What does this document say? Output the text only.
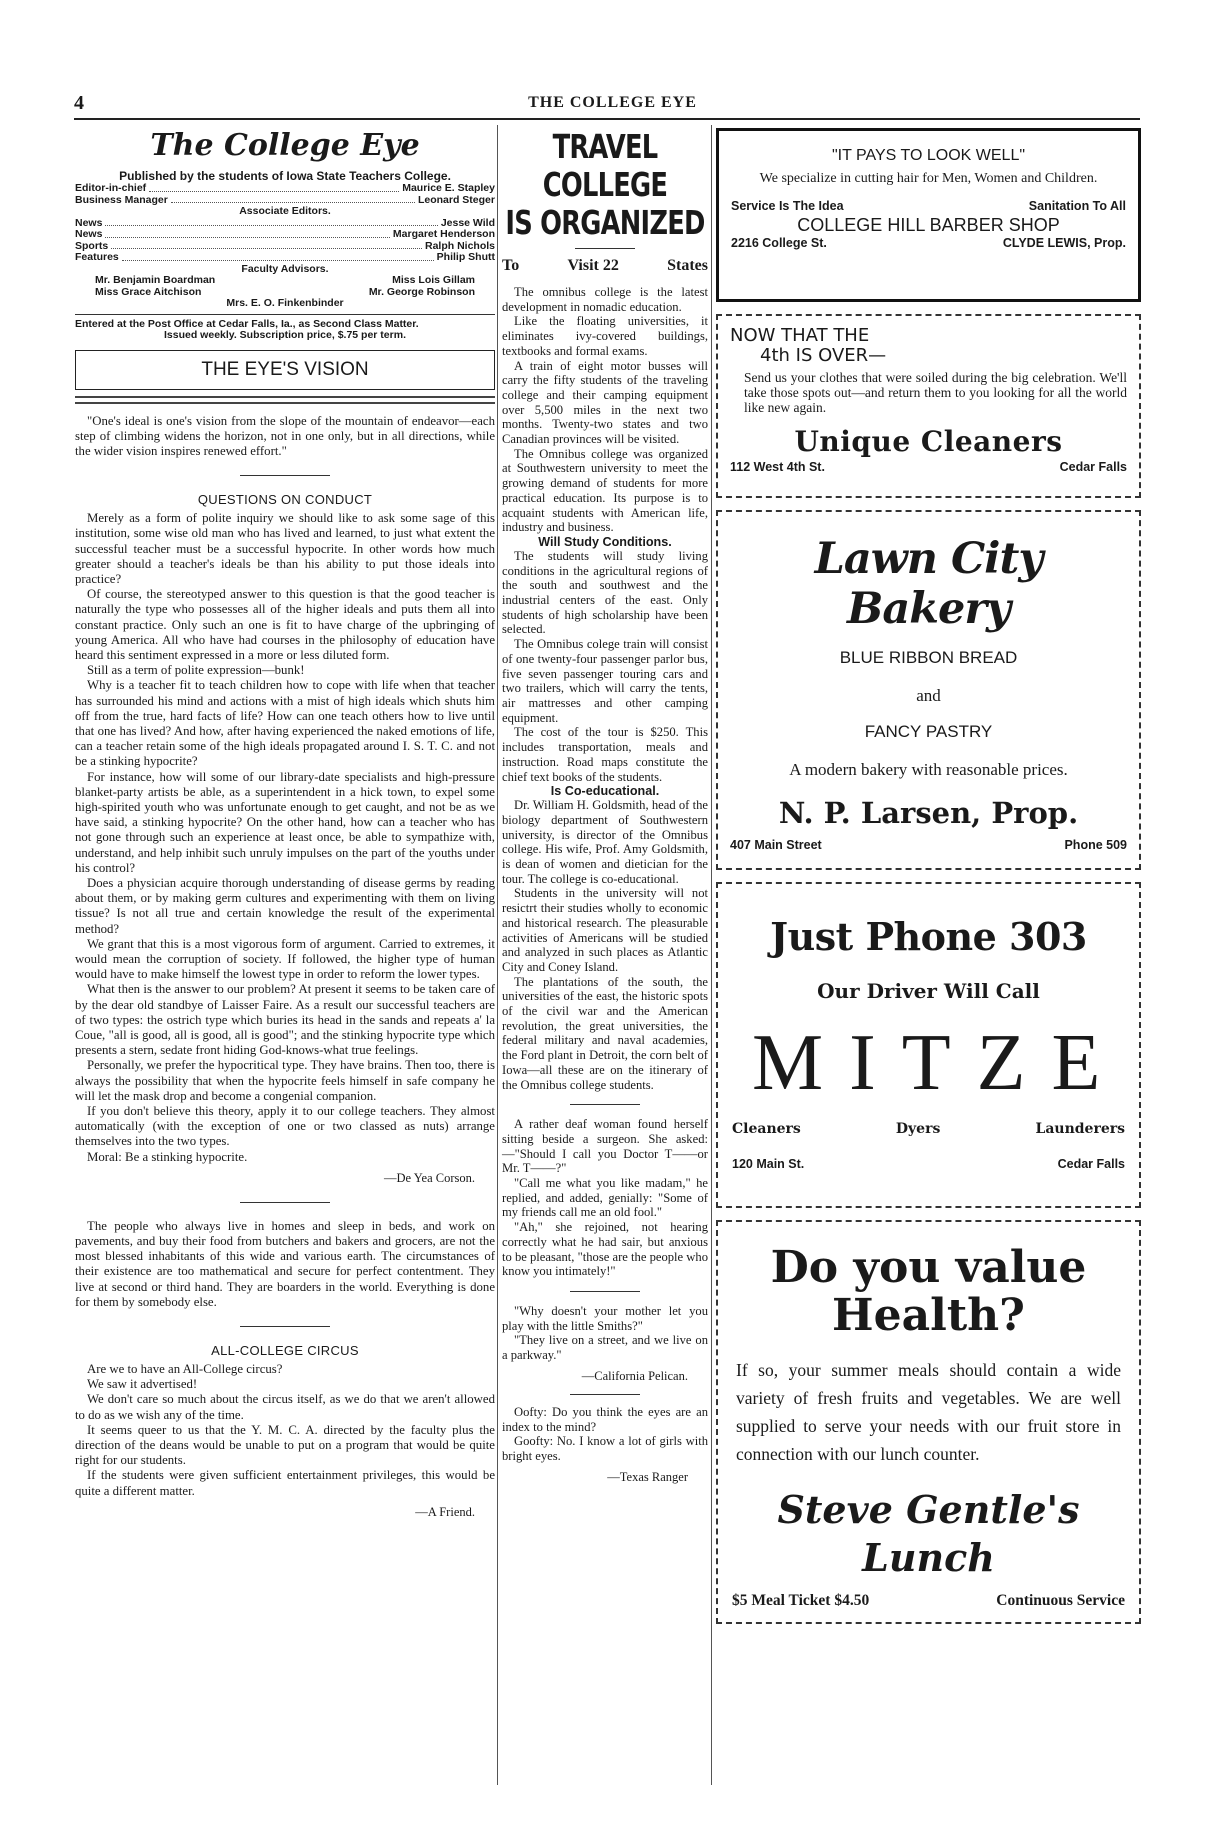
4	THE COLLEGE EYE
The College Eye
Published by the students of Iowa State Teachers College.
Editor-in-chief	Maurice E. Stapley
Business Manager	Leonard Steger
Associate Editors.
News	Jesse Wild
News	Margaret Henderson
Sports	Ralph Nichols
Features	Philip Shutt
Faculty Advisors.
Mr. Benjamin Boardman	Miss Lois Gillam
Miss Grace Aitchison	Mr. George Robinson
Mrs. E. O. Finkenbinder
Entered at the Post Office at Cedar Falls, Ia., as Second Class Matter.
Issued weekly. Subscription price, $.75 per term.
THE EYE'S VISION

"One's ideal is one's vision from the slope of the mountain of endeavor—each step of climbing widens the horizon, not in one only, but in all directions, while the wider vision inspires renewed effort."

QUESTIONS ON CONDUCT

Merely as a form of polite inquiry we should like to ask some sage of this institution, some wise old man who has lived and learned, to just what extent the successful teacher must be a successful hypocrite. In other words how much greater should a teacher's ideals be than his ability to put those ideals into practice?

Of course, the stereotyped answer to this question is that the good teacher is naturally the type who possesses all of the higher ideals and puts them all into constant practice. Only such an one is fit to have charge of the upbringing of young America. All who have had courses in the philosophy of education have heard this sentiment expressed in a more or less diluted form.

Still as a term of polite expression—bunk!

Why is a teacher fit to teach children how to cope with life when that teacher has surrounded his mind and actions with a mist of high ideals which shuts him off from the true, hard facts of life? How can one teach others how to live until that one has lived? And how, after having experienced the naked emotions of life, can a teacher retain some of the high ideals propagated around I. S. T. C. and not be a stinking hypocrite?

For instance, how will some of our library-date specialists and high-pressure blanket-party artists be able, as a superintendent in a hick town, to expel some high-spirited youth who was unfortunate enough to get caught, and not be as we have said, a stinking hypocrite? On the other hand, how can a teacher who has not gone through such an experience at least once, be able to sympathize with, understand, and help inhibit such unruly impulses on the part of the youths under his control?

Does a physician acquire thorough understanding of disease germs by reading about them, or by making germ cultures and experimenting with them on living tissue? Is not all true and certain knowledge the result of the experimental method?

We grant that this is a most vigorous form of argument. Carried to extremes, it would mean the corruption of society. If followed, the higher type of human would have to make himself the lowest type in order to reform the lower types.

What then is the answer to our problem? At present it seems to be taken care of by the dear old standbye of Laisser Faire. As a result our successful teachers are of two types: the ostrich type which buries its head in the sands and repeats a' la Coue, "all is good, all is good, all is good"; and the stinking hypocrite type which presents a stern, sedate front hiding God-knows-what true feelings.

Personally, we prefer the hypocritical type. They have brains. Then too, there is always the possibility that when the hypocrite feels himself in safe company he will let the mask drop and become a congenial companion.

If you don't believe this theory, apply it to our college teachers. They almost automatically (with the exception of one or two classed as nuts) arrange themselves into the two types.

Moral: Be a stinking hypocrite.

—De Yea Corson.

The people who always live in homes and sleep in beds, and work on pavements, and buy their food from butchers and bakers and grocers, are not the most blessed inhabitants of this wide and various earth. The circumstances of their existence are too mathematical and secure for perfect contentment. They live at second or third hand. They are boarders in the world. Everything is done for them by somebody else.

ALL-COLLEGE CIRCUS

Are we to have an All-College circus?

We saw it advertised!

We don't care so much about the circus itself, as we do that we aren't allowed to do as we wish any of the time.

It seems queer to us that the Y. M. C. A. directed by the faculty plus the direction of the deans would be unable to put on a program that would be quite right for our students.

If the students were given sufficient entertainment privileges, this would be quite a different matter.

—A Friend.
TRAVEL COLLEGE
IS ORGANIZED
To	Visit 22	States

The omnibus college is the latest development in nomadic education.

Like the floating universities, it eliminates ivy-covered buildings, textbooks and formal exams.

A train of eight motor busses will carry the fifty students of the traveling college and their camping equipment over 5,500 miles in the next two months. Twenty-two states and two Canadian provinces will be visited.

The Omnibus college was organized at Southwestern university to meet the growing demand of students for more practical education. Its purpose is to acquaint students with American life, industry and business.

Will Study Conditions.

The students will study living conditions in the agricultural regions of the south and southwest and the industrial centers of the east. Only students of high scholarship have been selected.

The Omnibus colege train will consist of one twenty-four passenger parlor bus, five seven passenger touring cars and two trailers, which will carry the tents, air mattresses and other camping equipment.

The cost of the tour is $250. This includes transportation, meals and instruction. Road maps constitute the chief text books of the students.

Is Co-educational.

Dr. William H. Goldsmith, head of the biology department of Southwestern university, is director of the Omnibus college. His wife, Prof. Amy Goldsmith, is dean of women and dietician for the tour. The college is co-educational.

Students in the university will not resictrt their studies wholly to economic and historical research. The pleasurable activities of Americans will be studied and analyzed in such places as Atlantic City and Coney Island.

The plantations of the south, the universities of the east, the historic spots of the civil war and the American revolution, the great universities, the federal military and naval academies, the Ford plant in Detroit, the corn belt of Iowa—all these are on the itinerary of the Omnibus college students.

A rather deaf woman found herself sitting beside a surgeon. She asked:—"Should I call you Doctor T——or Mr. T——?"

"Call me what you like madam," he replied, and added, genially: "Some of my friends call me an old fool."

"Ah," she rejoined, not hearing correctly what he had sair, but anxious to be pleasant, "those are the people who know you intimately!"

"Why doesn't your mother let you play with the little Smiths?"

"They live on a street, and we live on a parkway."

—California Pelican.

Oofty: Do you think the eyes are an index to the mind?

Goofty: No. I know a lot of girls with bright eyes.

—Texas Ranger
"IT PAYS TO LOOK WELL"
We specialize in cutting hair for Men, Women and Children.
Service Is The Idea	Sanitation To All
COLLEGE HILL BARBER SHOP
2216 College St.	CLYDE LEWIS, Prop.
NOW THAT THE
4th IS OVER—
Send us your clothes that were soiled during the big celebration. We'll take those spots out—and return them to you looking for all the world like new again.
Unique Cleaners
112 West 4th St.	Cedar Falls
Lawn City Bakery
BLUE RIBBON BREAD
and
FANCY PASTRY
A modern bakery with reasonable prices.
N. P. Larsen, Prop.
407 Main Street	Phone 509
Just Phone 303
Our Driver Will Call
MITZE
Cleaners	Dyers	Launderers
120 Main St.	Cedar Falls
Do you value
Health?
If so, your summer meals should contain a wide variety of fresh fruits and vegetables. We are well supplied to serve your needs with our fruit store in connection with our lunch counter.
Steve Gentle's
Lunch
$5 Meal Ticket $4.50	Continuous Service
